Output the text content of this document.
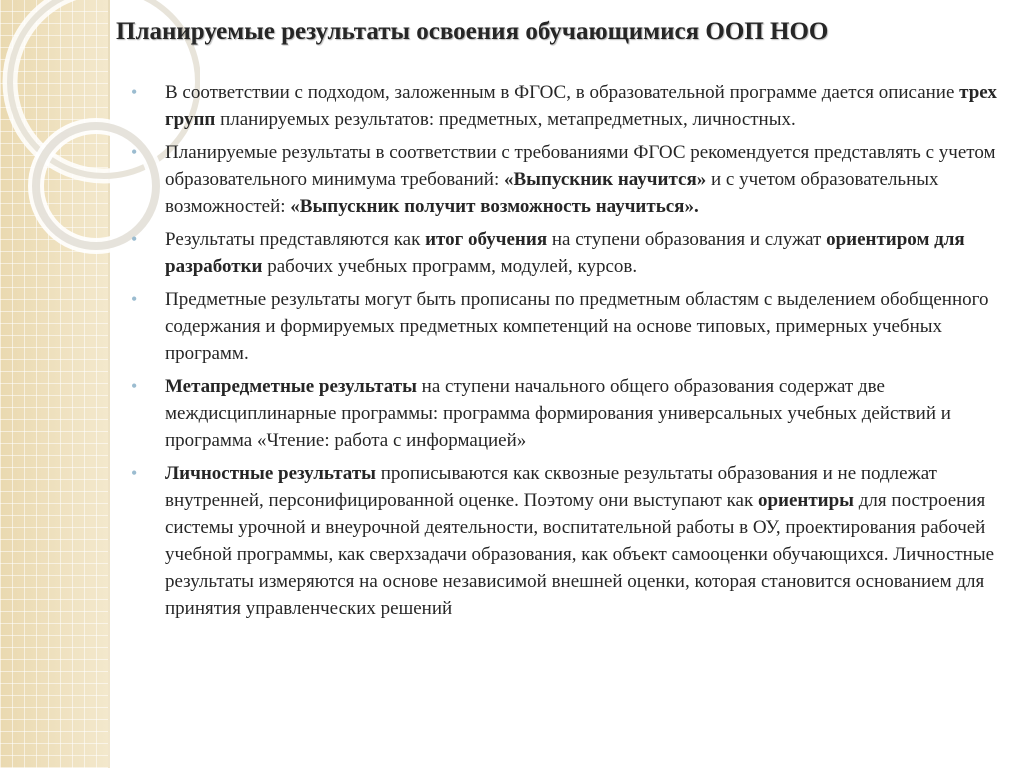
Планируемые результаты освоения обучающимися ООП НОО
• В соответствии с подходом, заложенным в ФГОС, в образовательной программе дается описание трех групп планируемых результатов: предметных, метапредметных, личностных.
• Планируемые результаты в соответствии с требованиями ФГОС рекомендуется представлять с учетом образовательного минимума требований: «Выпускник научится» и с учетом образовательных возможностей: «Выпускник получит возможность научиться».
• Результаты представляются как итог обучения на ступени образования и служат ориентиром для разработки рабочих учебных программ, модулей, курсов.
• Предметные результаты могут быть прописаны по предметным областям с выделением обобщенного содержания и формируемых предметных компетенций на основе типовых, примерных учебных программ.
• Метапредметные результаты на ступени начального общего образования содержат две междисциплинарные программы: программа формирования универсальных учебных действий и программа «Чтение: работа с информацией»
• Личностные результаты прописываются как сквозные результаты образования и не подлежат внутренней, персонифицированной оценке. Поэтому они выступают как ориентиры для построения системы урочной и внеурочной деятельности, воспитательной работы в ОУ, проектирования рабочей учебной программы, как сверхзадачи образования, как объект самооценки обучающихся. Личностные результаты измеряются на основе независимой внешней оценки, которая становится основанием для принятия управленческих решений
